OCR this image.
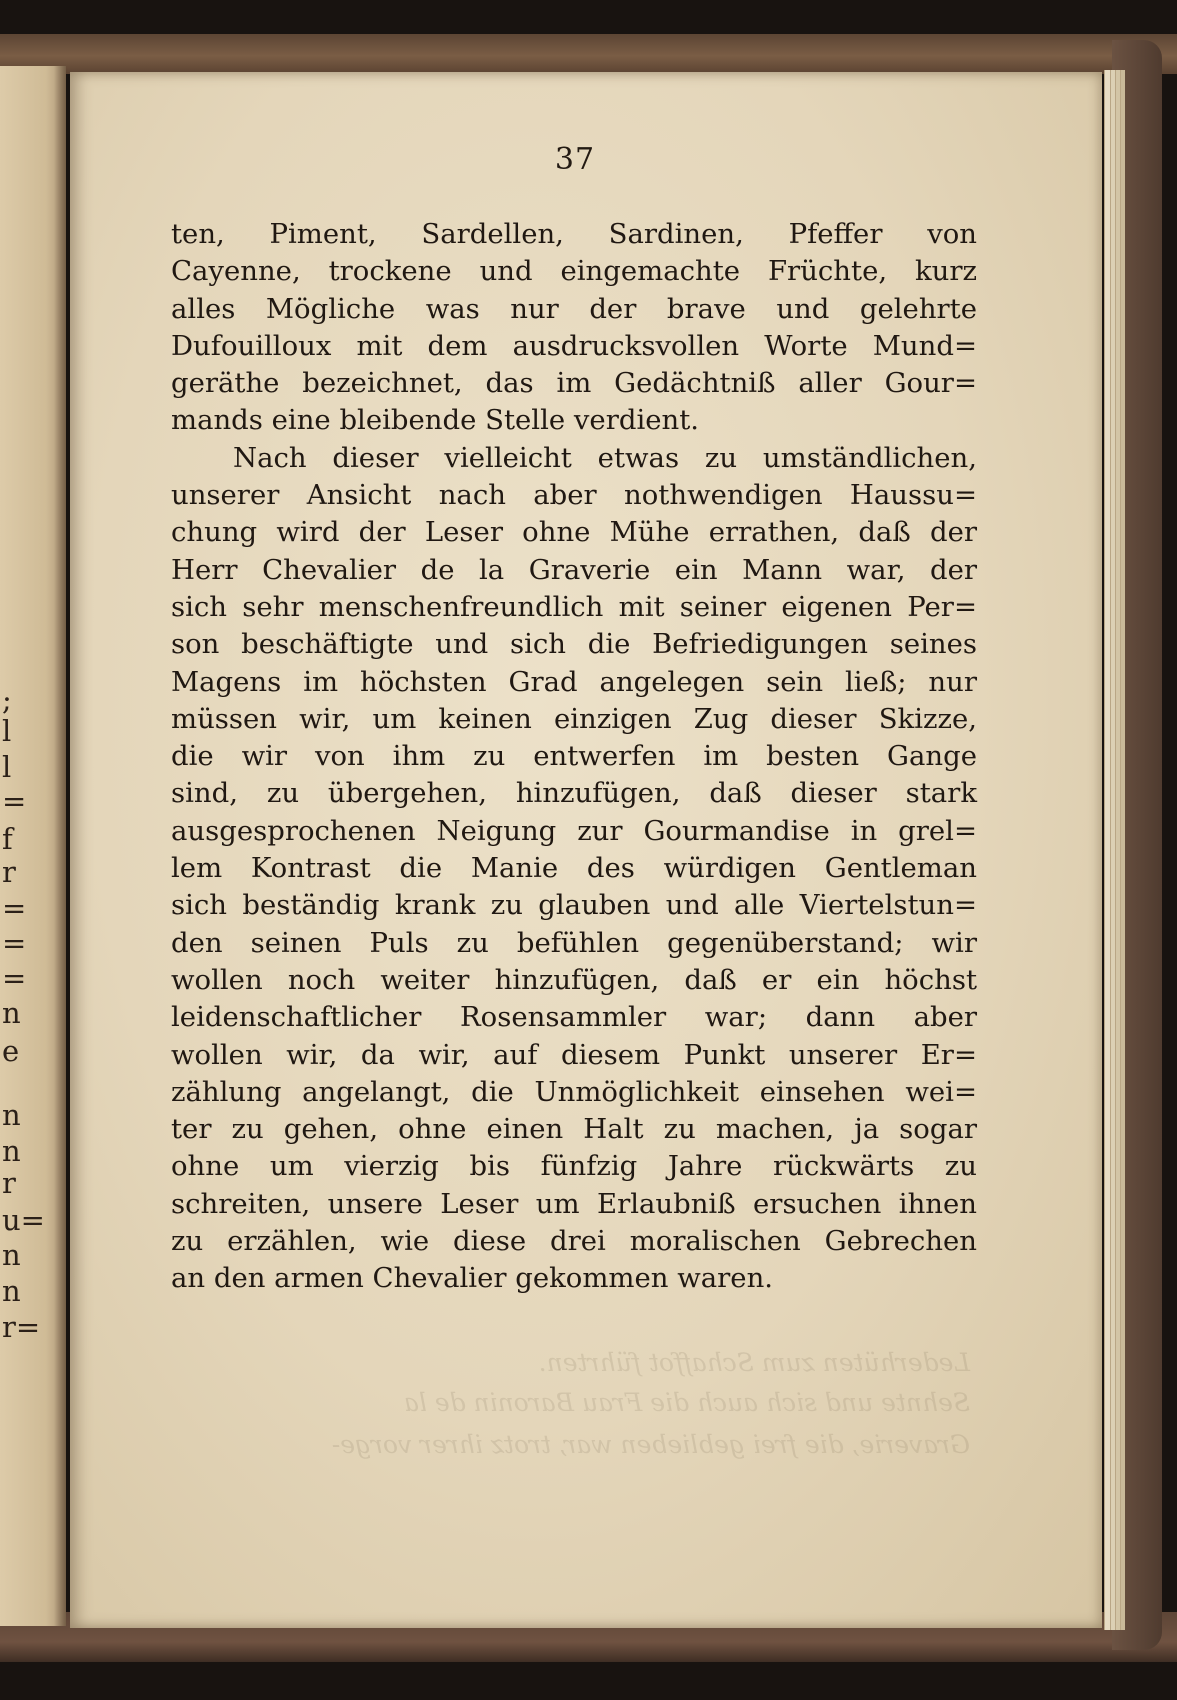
;
l
l
=
f
r
=
=
=
n
e
n
n
r
u=
n
n
r=
Lederhüten zum Schaffot führten.
Sehnte und sich auch die Frau Baronin de la
Graverie, die frei geblieben war, trotz ihrer vorge-
37
ten, Piment, Sardellen, Sardinen, Pfeffer von
Cayenne, trockene und eingemachte Früchte, kurz
alles Mögliche was nur der brave und gelehrte
Dufouilloux mit dem ausdrucksvollen Worte Mund=
geräthe bezeichnet, das im Gedächtniß aller Gour=
mands eine bleibende Stelle verdient.
Nach dieser vielleicht etwas zu umständlichen,
unserer Ansicht nach aber nothwendigen Haussu=
chung wird der Leser ohne Mühe errathen, daß der
Herr Chevalier de la Graverie ein Mann war, der
sich sehr menschenfreundlich mit seiner eigenen Per=
son beschäftigte und sich die Befriedigungen seines
Magens im höchsten Grad angelegen sein ließ; nur
müssen wir, um keinen einzigen Zug dieser Skizze,
die wir von ihm zu entwerfen im besten Gange
sind, zu übergehen, hinzufügen, daß dieser stark
ausgesprochenen Neigung zur Gourmandise in grel=
lem Kontrast die Manie des würdigen Gentleman
sich beständig krank zu glauben und alle Viertelstun=
den seinen Puls zu befühlen gegenüberstand; wir
wollen noch weiter hinzufügen, daß er ein höchst
leidenschaftlicher Rosensammler war; dann aber
wollen wir, da wir, auf diesem Punkt unserer Er=
zählung angelangt, die Unmöglichkeit einsehen wei=
ter zu gehen, ohne einen Halt zu machen, ja sogar
ohne um vierzig bis fünfzig Jahre rückwärts zu
schreiten, unsere Leser um Erlaubniß ersuchen ihnen
zu erzählen, wie diese drei moralischen Gebrechen
an den armen Chevalier gekommen waren.
